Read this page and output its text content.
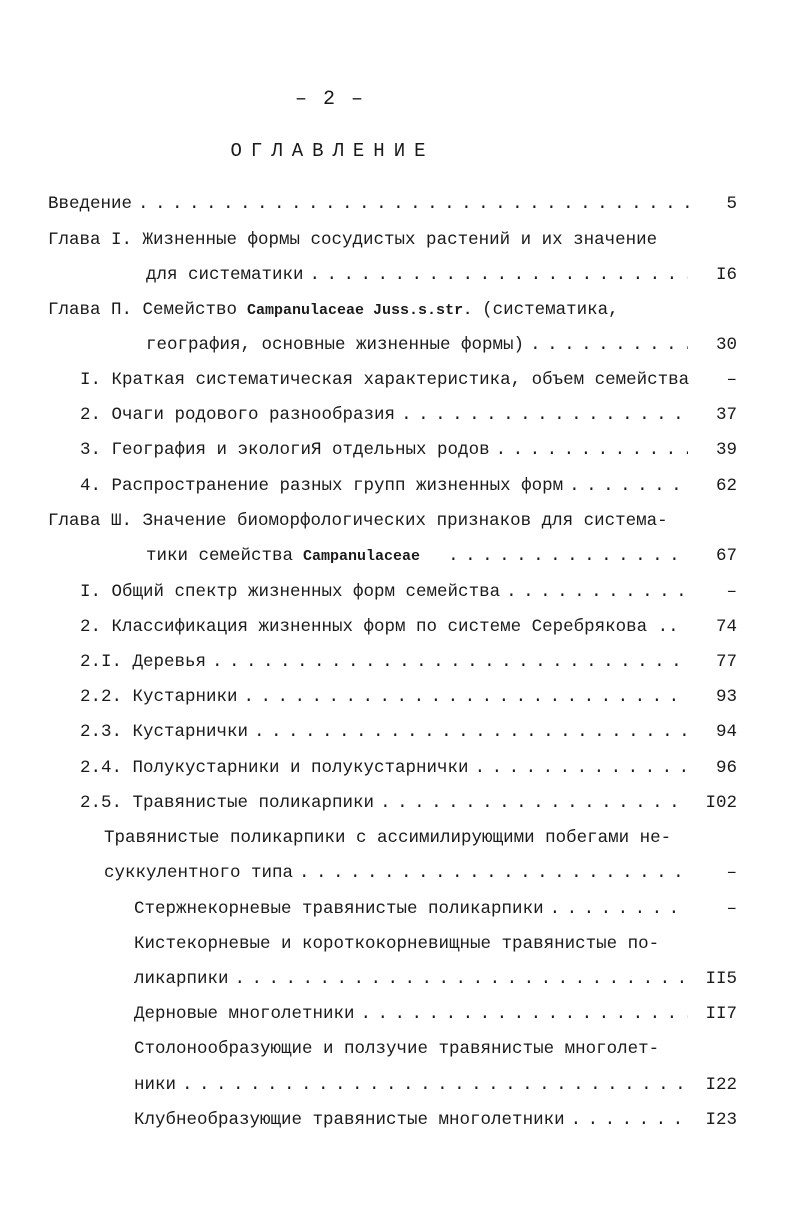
– 2 –
ОГЛАВЛЕНИЕ
Введение . . .	5
Глава I. Жизненные формы сосудистых растений и их значение
для систематики . . .	I6
Глава П. Семейство Campanulaceae Juss.s.str. (систематика,
география, основные жизненные формы) . . .	30
I. Краткая систематическая характеристика, объем семейства	–
2. Очаги родового разнообразия . . .	37
3. География и экологиЯ отдельных родов . . .	39
4. Распространение разных групп жизненных форм . . .	62
Глава Ш. Значение биоморфологических признаков для система-
тики семейства Campanulaceae . . .	67
I. Общий спектр жизненных форм семейства . . .	–
2. Классификация жизненных форм по системе Серебрякова ..	74
2.I. Деревья . . .	77
2.2. Кустарники . . .	93
2.3. Кустарнички . . .	94
2.4. Полукустарники и полукустарнички . . .	96
2.5. Травянистые поликарпики . . .	I02
Травянистые поликарпики с ассимилирующими побегами не-
суккулентного типа . . .	–
Стержнекорневые травянистые поликарпики . . .	–
Кистекорневые и короткокорневищные травянистые по-
ликарпики . . .	II5
Дерновые многолетники . . .	II7
Столонообразующие и ползучие травянистые многолет-
ники . . .	I22
Клубнеобразующие травянистые многолетники . . .	I23
